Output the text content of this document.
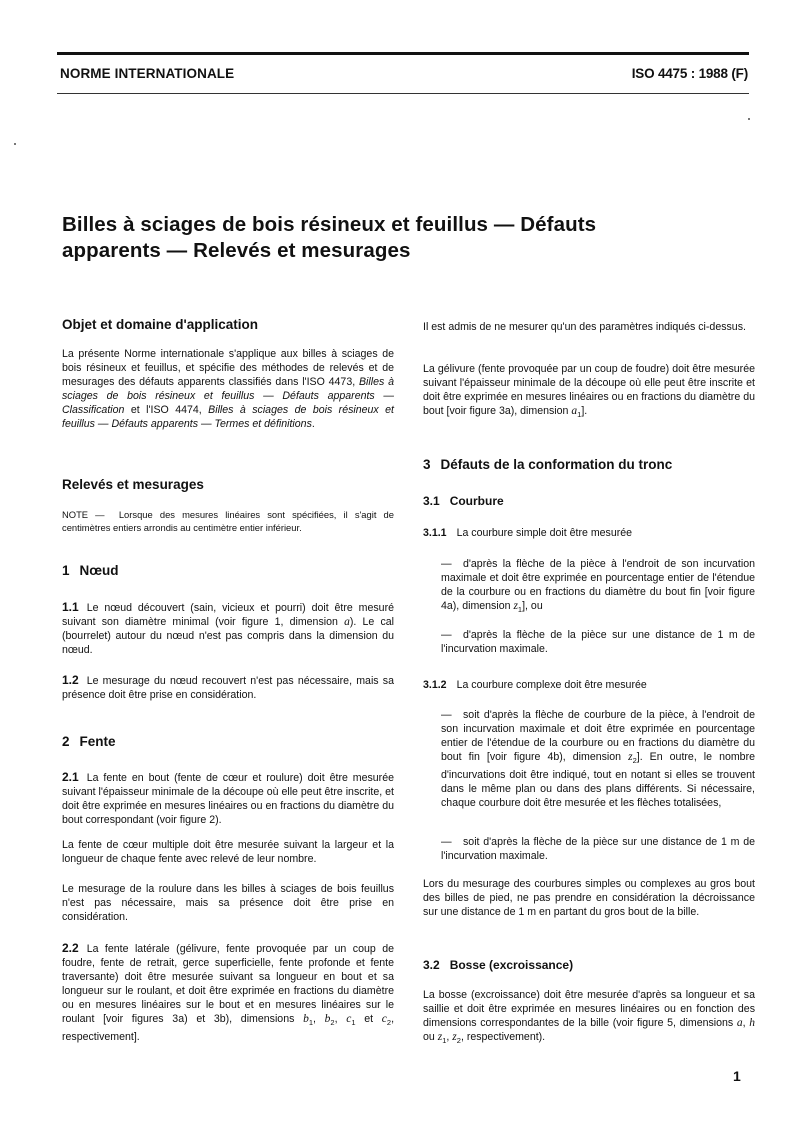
NORME INTERNATIONALE	ISO 4475 : 1988 (F)
Billes à sciages de bois résineux et feuillus — Défauts
apparents — Relevés et mesurages
Objet et domaine d'application

La présente Norme internationale s'applique aux billes à sciages de bois résineux et feuillus, et spécifie des méthodes de relevés et de mesurages des défauts apparents classifiés dans l'ISO 4473, Billes à sciages de bois résineux et feuillus — Défauts apparents — Classification et l'ISO 4474, Billes à sciages de bois résineux et feuillus — Défauts apparents — Termes et définitions.

Relevés et mesurages

NOTE — Lorsque des mesures linéaires sont spécifiées, il s'agit de centimètres entiers arrondis au centimètre entier inférieur.

1 Nœud

1.1 Le nœud découvert (sain, vicieux et pourri) doit être mesuré suivant son diamètre minimal (voir figure 1, dimension a). Le cal (bourrelet) autour du nœud n'est pas compris dans la dimension du nœud.

1.2 Le mesurage du nœud recouvert n'est pas nécessaire, mais sa présence doit être prise en considération.

2 Fente

2.1 La fente en bout (fente de cœur et roulure) doit être mesurée suivant l'épaisseur minimale de la découpe où elle peut être inscrite, et doit être exprimée en mesures linéaires ou en fractions du diamètre du bout correspondant (voir figure 2).

La fente de cœur multiple doit être mesurée suivant la largeur et la longueur de chaque fente avec relevé de leur nombre.

Le mesurage de la roulure dans les billes à sciages de bois feuillus n'est pas nécessaire, mais sa présence doit être prise en considération.

2.2 La fente latérale (gélivure, fente provoquée par un coup de foudre, fente de retrait, gerce superficielle, fente profonde et fente traversante) doit être mesurée suivant sa longueur en bout et sa longueur sur le roulant, et doit être exprimée en fractions du diamètre ou en mesures linéaires sur le bout et en mesures linéaires sur le roulant [voir figures 3a) et 3b), dimensions $b_1$, $b_2$, $c_1$ et $c_2$, respectivement].

Il est admis de ne mesurer qu'un des paramètres indiqués ci-dessus.

La gélivure (fente provoquée par un coup de foudre) doit être mesurée suivant l'épaisseur minimale de la découpe où elle peut être inscrite et doit être exprimée en mesures linéaires ou en fractions du diamètre du bout [voir figure 3a), dimension $a_1$].

3 Défauts de la conformation du tronc
3.1 Courbure

3.1.1 La courbure simple doit être mesurée

— d'après la flèche de la pièce à l'endroit de son incurvation maximale et doit être exprimée en pourcentage entier de l'étendue de la courbure ou en fractions du diamètre du bout fin [voir figure 4a), dimension $z_1$], ou

— d'après la flèche de la pièce sur une distance de 1 m de l'incurvation maximale.

3.1.2 La courbure complexe doit être mesurée

— soit d'après la flèche de courbure de la pièce, à l'endroit de son incurvation maximale et doit être exprimée en pourcentage entier de l'étendue de la courbure ou en fractions du diamètre du bout fin [voir figure 4b), dimension $z_2$]. En outre, le nombre d'incurvations doit être indiqué, tout en notant si elles se trouvent dans le même plan ou dans des plans différents. Si nécessaire, chaque courbure doit être mesurée et les flèches totalisées,

— soit d'après la flèche de la pièce sur une distance de 1 m de l'incurvation maximale.

Lors du mesurage des courbures simples ou complexes au gros bout des billes de pied, ne pas prendre en considération la décroissance sur une distance de 1 m en partant du gros bout de la bille.

3.2 Bosse (excroissance)

La bosse (excroissance) doit être mesurée d'après sa longueur et sa saillie et doit être exprimée en mesures linéaires ou en fonction des dimensions correspondantes de la bille (voir figure 5, dimensions a, h ou $z_1$, $z_2$, respectivement).

1
